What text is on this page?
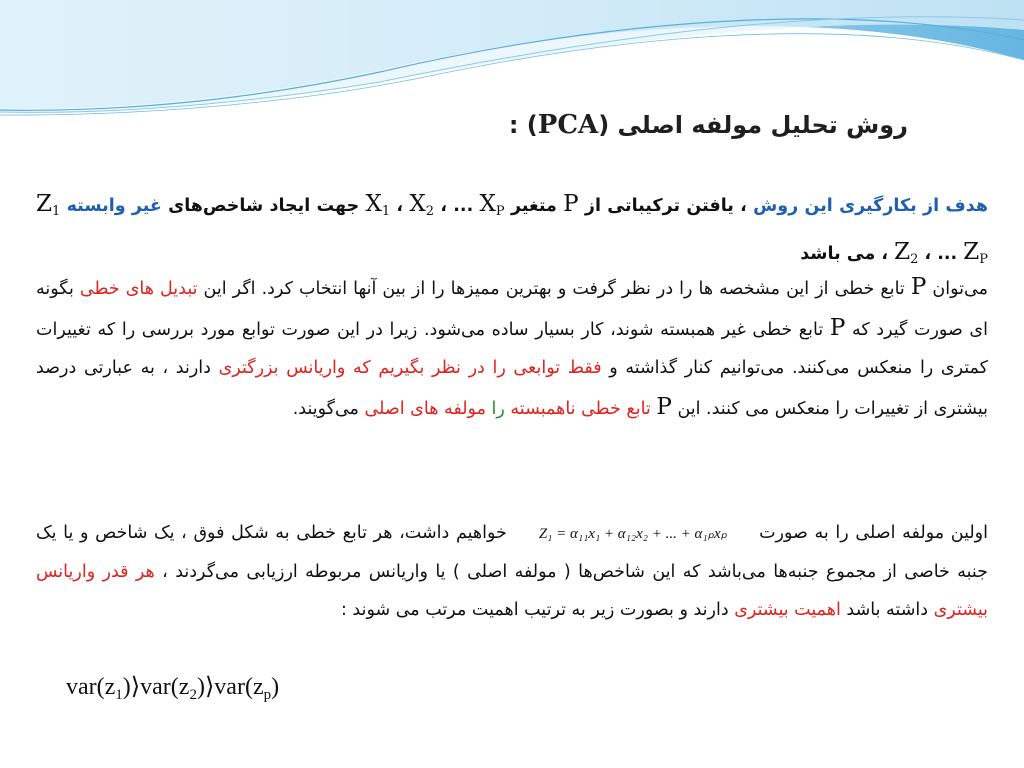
روش تحلیل مولفه اصلی (PCA) :
هدف از بکارگیری این روش ، یافتن ترکیباتی از P متغیر $X_1$ ، $X_2$ ، ... $X_P$ جهت ایجاد شاخص‌های غیر وابسته $Z_1$ ، $Z_2$ ، ... $Z_P$ می باشد
می‌توان P تابع خطی از این مشخصه ها را در نظر گرفت و بهترین ممیزها را از بین آنها انتخاب کرد. اگر این تبدیل های خطی بگونه ای صورت گیرد که P تابع خطی غیر همبسته شوند، کار بسیار ساده می‌شود. زیرا در این صورت توابع مورد بررسی را که تغییرات کمتری را منعکس می‌کنند. می‌توانیم کنار گذاشته و فقط توابعی را در نظر بگیریم که واریانس بزرگتری دارند ، به عبارتی درصد بیشتری از تغییرات را منعکس می کنند. این P تابع خطی ناهمبسته را مولفه های اصلی می‌گویند.
اولین مولفه اصلی را به صورتZ₁ = α₁₁x₁ + α₁₂x₂ + ... + α₁ₚxₚخواهیم داشت، هر تابع خطی به شکل فوق ، یک شاخص و یا یک جنبه خاصی از مجموع جنبه‌ها می‌باشد که این شاخص‌ها ( مولفه اصلی ) یا واریانس مربوطه ارزیابی می‌گردند ، هر قدر واریانس بیشتری داشته باشد اهمیت بیشتری دارند و بصورت زیر به ترتیب اهمیت مرتب می شوند :
$var(z_1)⟩var(z_2)⟩var(z_p)$
